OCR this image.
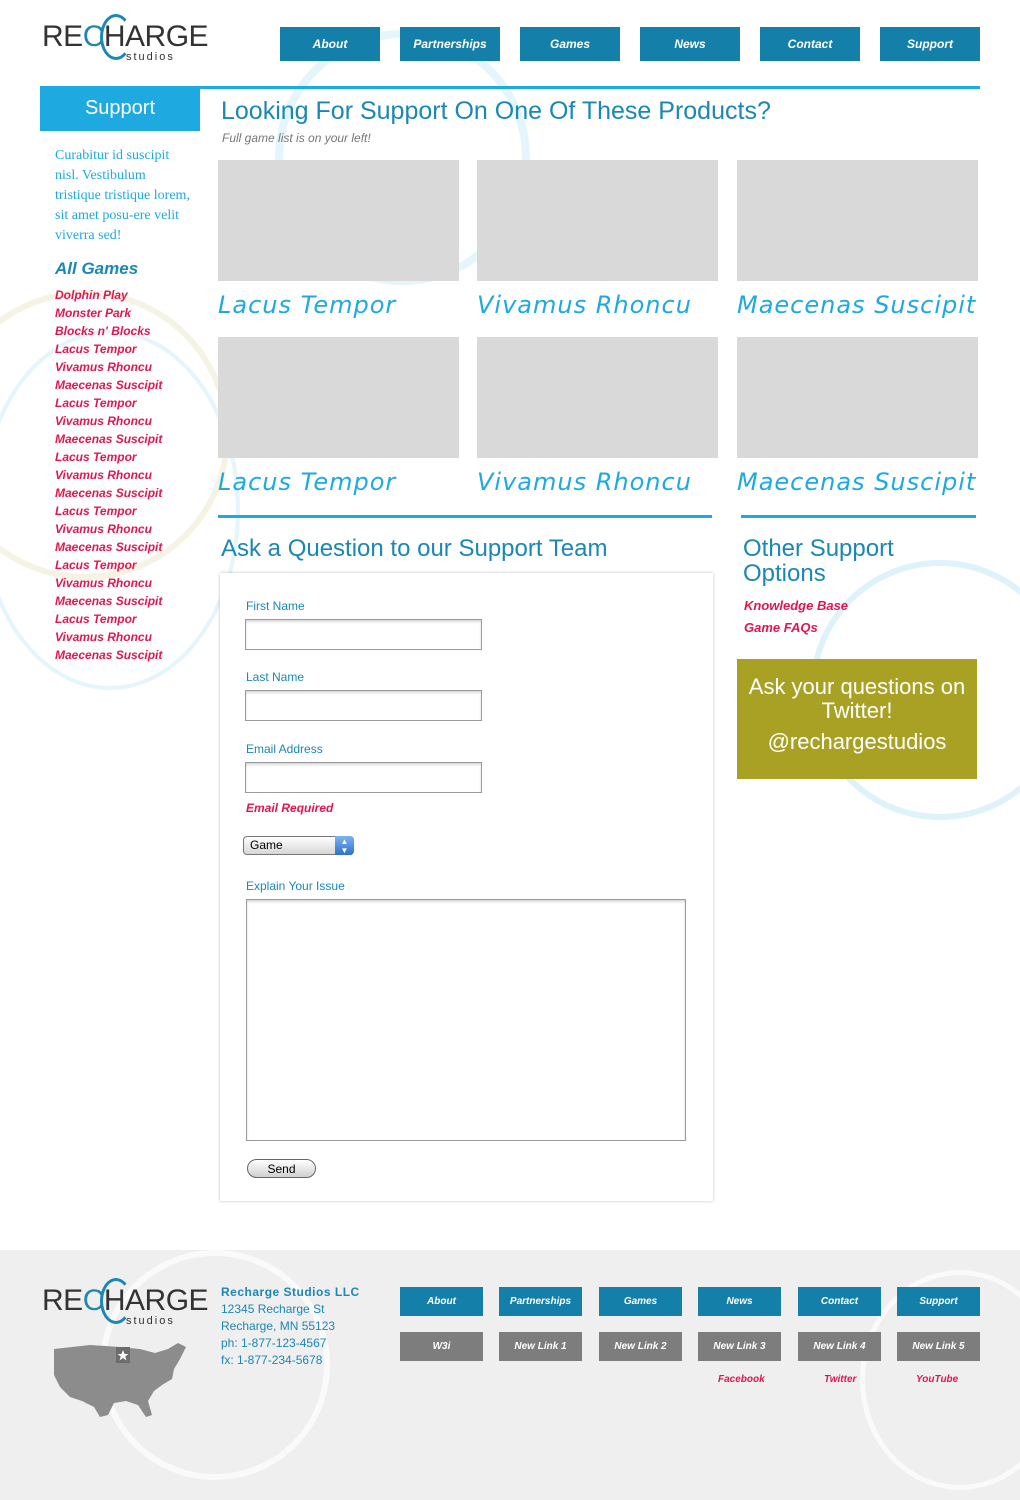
RECHARGE
studios
About	Partnerships	Games	News	Contact	Support
Support

Curabitur id suscipit nisl. Vestibulum tristique tristique lorem, sit amet posu-ere velit viverra sed!

All Games
Dolphin Play
Monster Park
Blocks n' Blocks
Lacus Tempor
Vivamus Rhoncu
Maecenas Suscipit
Lacus Tempor
Vivamus Rhoncu
Maecenas Suscipit
Lacus Tempor
Vivamus Rhoncu
Maecenas Suscipit
Lacus Tempor
Vivamus Rhoncu
Maecenas Suscipit
Lacus Tempor
Vivamus Rhoncu
Maecenas Suscipit
Lacus Tempor
Vivamus Rhoncu
Maecenas Suscipit
Looking For Support On One Of These Products?

Full game list is on your left!

Lacus Tempor	Vivamus Rhoncu	Maecenas Suscipit
Lacus Tempor	Vivamus Rhoncu	Maecenas Suscipit
Ask a Question to our Support Team
First Name
Last Name
Email Address
Email Required
Game	▲
▼
Explain Your Issue
Send
Other Support Options
Knowledge Base
Game FAQs
Ask your questions on Twitter!
@rechargestudios
RECHARGE
studios
Recharge Studios LLC
12345 Recharge St
Recharge, MN 55123
ph: 1-877-123-4567
fx: 1-877-234-5678
About	Partnerships	Games	News	Contact	Support
W3i	New Link 1	New Link 2	New Link 3	New Link 4	New Link 5
Facebook	Twitter	YouTube
